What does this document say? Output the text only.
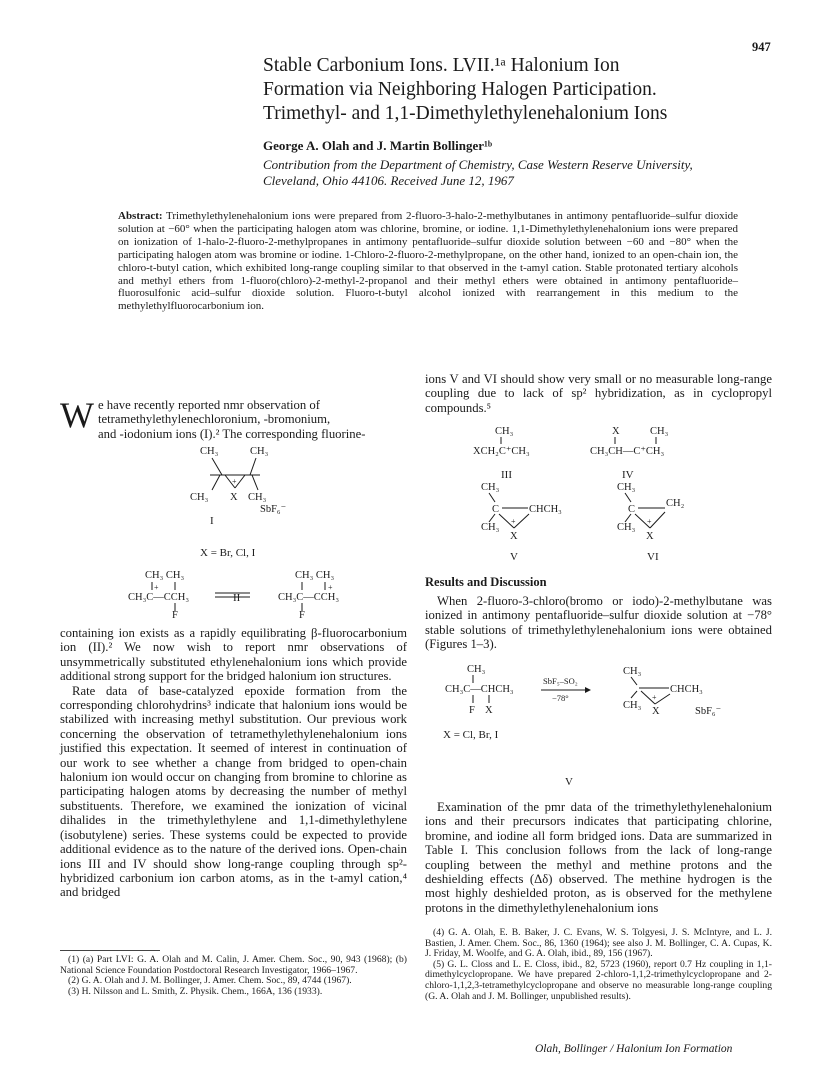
947
Stable Carbonium Ions. LVII.¹ᵃ Halonium Ion
Formation via Neighboring Halogen Participation.
Trimethyl- and 1,1-Dimethylethylenehalonium Ions
George A. Olah and J. Martin Bollinger¹ᵇ
Contribution from the Department of Chemistry, Case Western Reserve University,
Cleveland, Ohio 44106. Received June 12, 1967
Abstract: Trimethylethylenehalonium ions were prepared from 2-fluoro-3-halo-2-methylbutanes in antimony pentafluoride–sulfur dioxide solution at −60° when the participating halogen atom was chlorine, bromine, or iodine. 1,1-Dimethylethylenehalonium ions were prepared on ionization of 1-halo-2-fluoro-2-methylpropanes in antimony pentafluoride–sulfur dioxide solution between −60 and −80° when the participating halogen atom was bromine or iodine. 1-Chloro-2-fluoro-2-methylpropane, on the other hand, ionized to an open-chain ion, the chloro-t-butyl cation, which exhibited long-range coupling similar to that observed in the t-amyl cation. Stable protonated tertiary alcohols and methyl ethers from 1-fluoro(chloro)-2-methyl-2-propanol and their methyl ethers were obtained in antimony pentafluoride–fluorosulfonic acid–sulfur dioxide solution. Fluoro-t-butyl alcohol ionized with rearrangement in this medium to the methylethylfluorocarbonium ion.
W e have recently reported nmr observation of
tetramethylethylenechloronium, -bromonium,
and -iodonium ions (I).² The corresponding fluorine-
CH₃	CH₃
+
CH₃ X CH₃
SbF₆⁻
I
X = Br, Cl, I
CH₃ CH₃
+
CH₃C—CCH₃
F
CH₃ CH₃
+
CH₃C—CCH₃
F
II

containing ion exists as a rapidly equilibrating β-fluorocarbonium ion (II).² We now wish to report nmr observations of unsymmetrically substituted ethylenehalonium ions which provide additional strong support for the bridged halonium ion structures.

Rate data of base-catalyzed epoxide formation from the corresponding chlorohydrins³ indicate that halonium ions would be stabilized with increasing methyl substitution. Our previous work concerning the observation of tetramethylethylenehalonium ions justified this expectation. It seemed of interest in continuation of our work to see whether a change from bridged to open-chain halonium ion would occur on changing from bromine to chlorine as participating halogen atoms by decreasing the number of methyl substituents. Therefore, we examined the ionization of vicinal dihalides in the trimethylethylene and 1,1-dimethylethylene (isobutylene) series. These systems could be expected to provide additional evidence as to the nature of the derived ions. Open-chain ions III and IV should show long-range coupling through sp²-hybridized carbonium ion carbon atoms, as in the t-amyl cation,⁴ and bridged

(1) (a) Part LVI: G. A. Olah and M. Calin, J. Amer. Chem. Soc., 90, 943 (1968); (b) National Science Foundation Postdoctoral Research Investigator, 1966–1967.

(2) G. A. Olah and J. M. Bollinger, J. Amer. Chem. Soc., 89, 4744 (1967).

(3) H. Nilsson and L. Smith, Z. Physik. Chem., 166A, 136 (1933).

ions V and VI should show very small or no measurable long-range coupling due to lack of sp² hybridization, as in cyclopropyl compounds.⁵

CH₃
XCH₂C⁺CH₃
III
X	CH₃
CH₃CH—C⁺CH₃
IV
CH₃
C	CHCH₃
CH₃
+
X
V
CH₃
C
CH₂
CH₃
+
X
VI
Results and Discussion

When 2-fluoro-3-chloro(bromo or iodo)-2-methylbutane was ionized in antimony pentafluoride–sulfur dioxide solution at −78° stable solutions of trimethylethylenehalonium ions were obtained (Figures 1–3).

CH₃
CH₃C—CHCH₃
F X
SbF₅–SO₂
−78°
CH₃
CHCH₃
CH₃
+
X	SbF₆⁻
X = Cl, Br, I
V

Examination of the pmr data of the trimethylethylenehalonium ions and their precursors indicates that participating chlorine, bromine, and iodine all form bridged ions. Data are summarized in Table I. This conclusion follows from the lack of long-range coupling between the methyl and methine protons and the deshielding effects (Δδ) observed. The methine hydrogen is the most highly deshielded proton, as is observed for the methylene protons in the dimethylethylenehalonium ions

(4) G. A. Olah, E. B. Baker, J. C. Evans, W. S. Tolgyesi, J. S. McIntyre, and L. J. Bastien, J. Amer. Chem. Soc., 86, 1360 (1964); see also J. M. Bollinger, C. A. Cupas, K. J. Friday, M. Woolfe, and G. A. Olah, ibid., 89, 156 (1967).

(5) G. L. Closs and L. E. Closs, ibid., 82, 5723 (1960), report 0.7 Hz coupling in 1,1-dimethylcyclopropane. We have prepared 2-chloro-1,1,2-trimethylcyclopropane and 2-chloro-1,1,2,3-tetramethylcyclopropane and observe no measurable long-range coupling (G. A. Olah and J. M. Bollinger, unpublished results).

Olah, Bollinger / Halonium Ion Formation
